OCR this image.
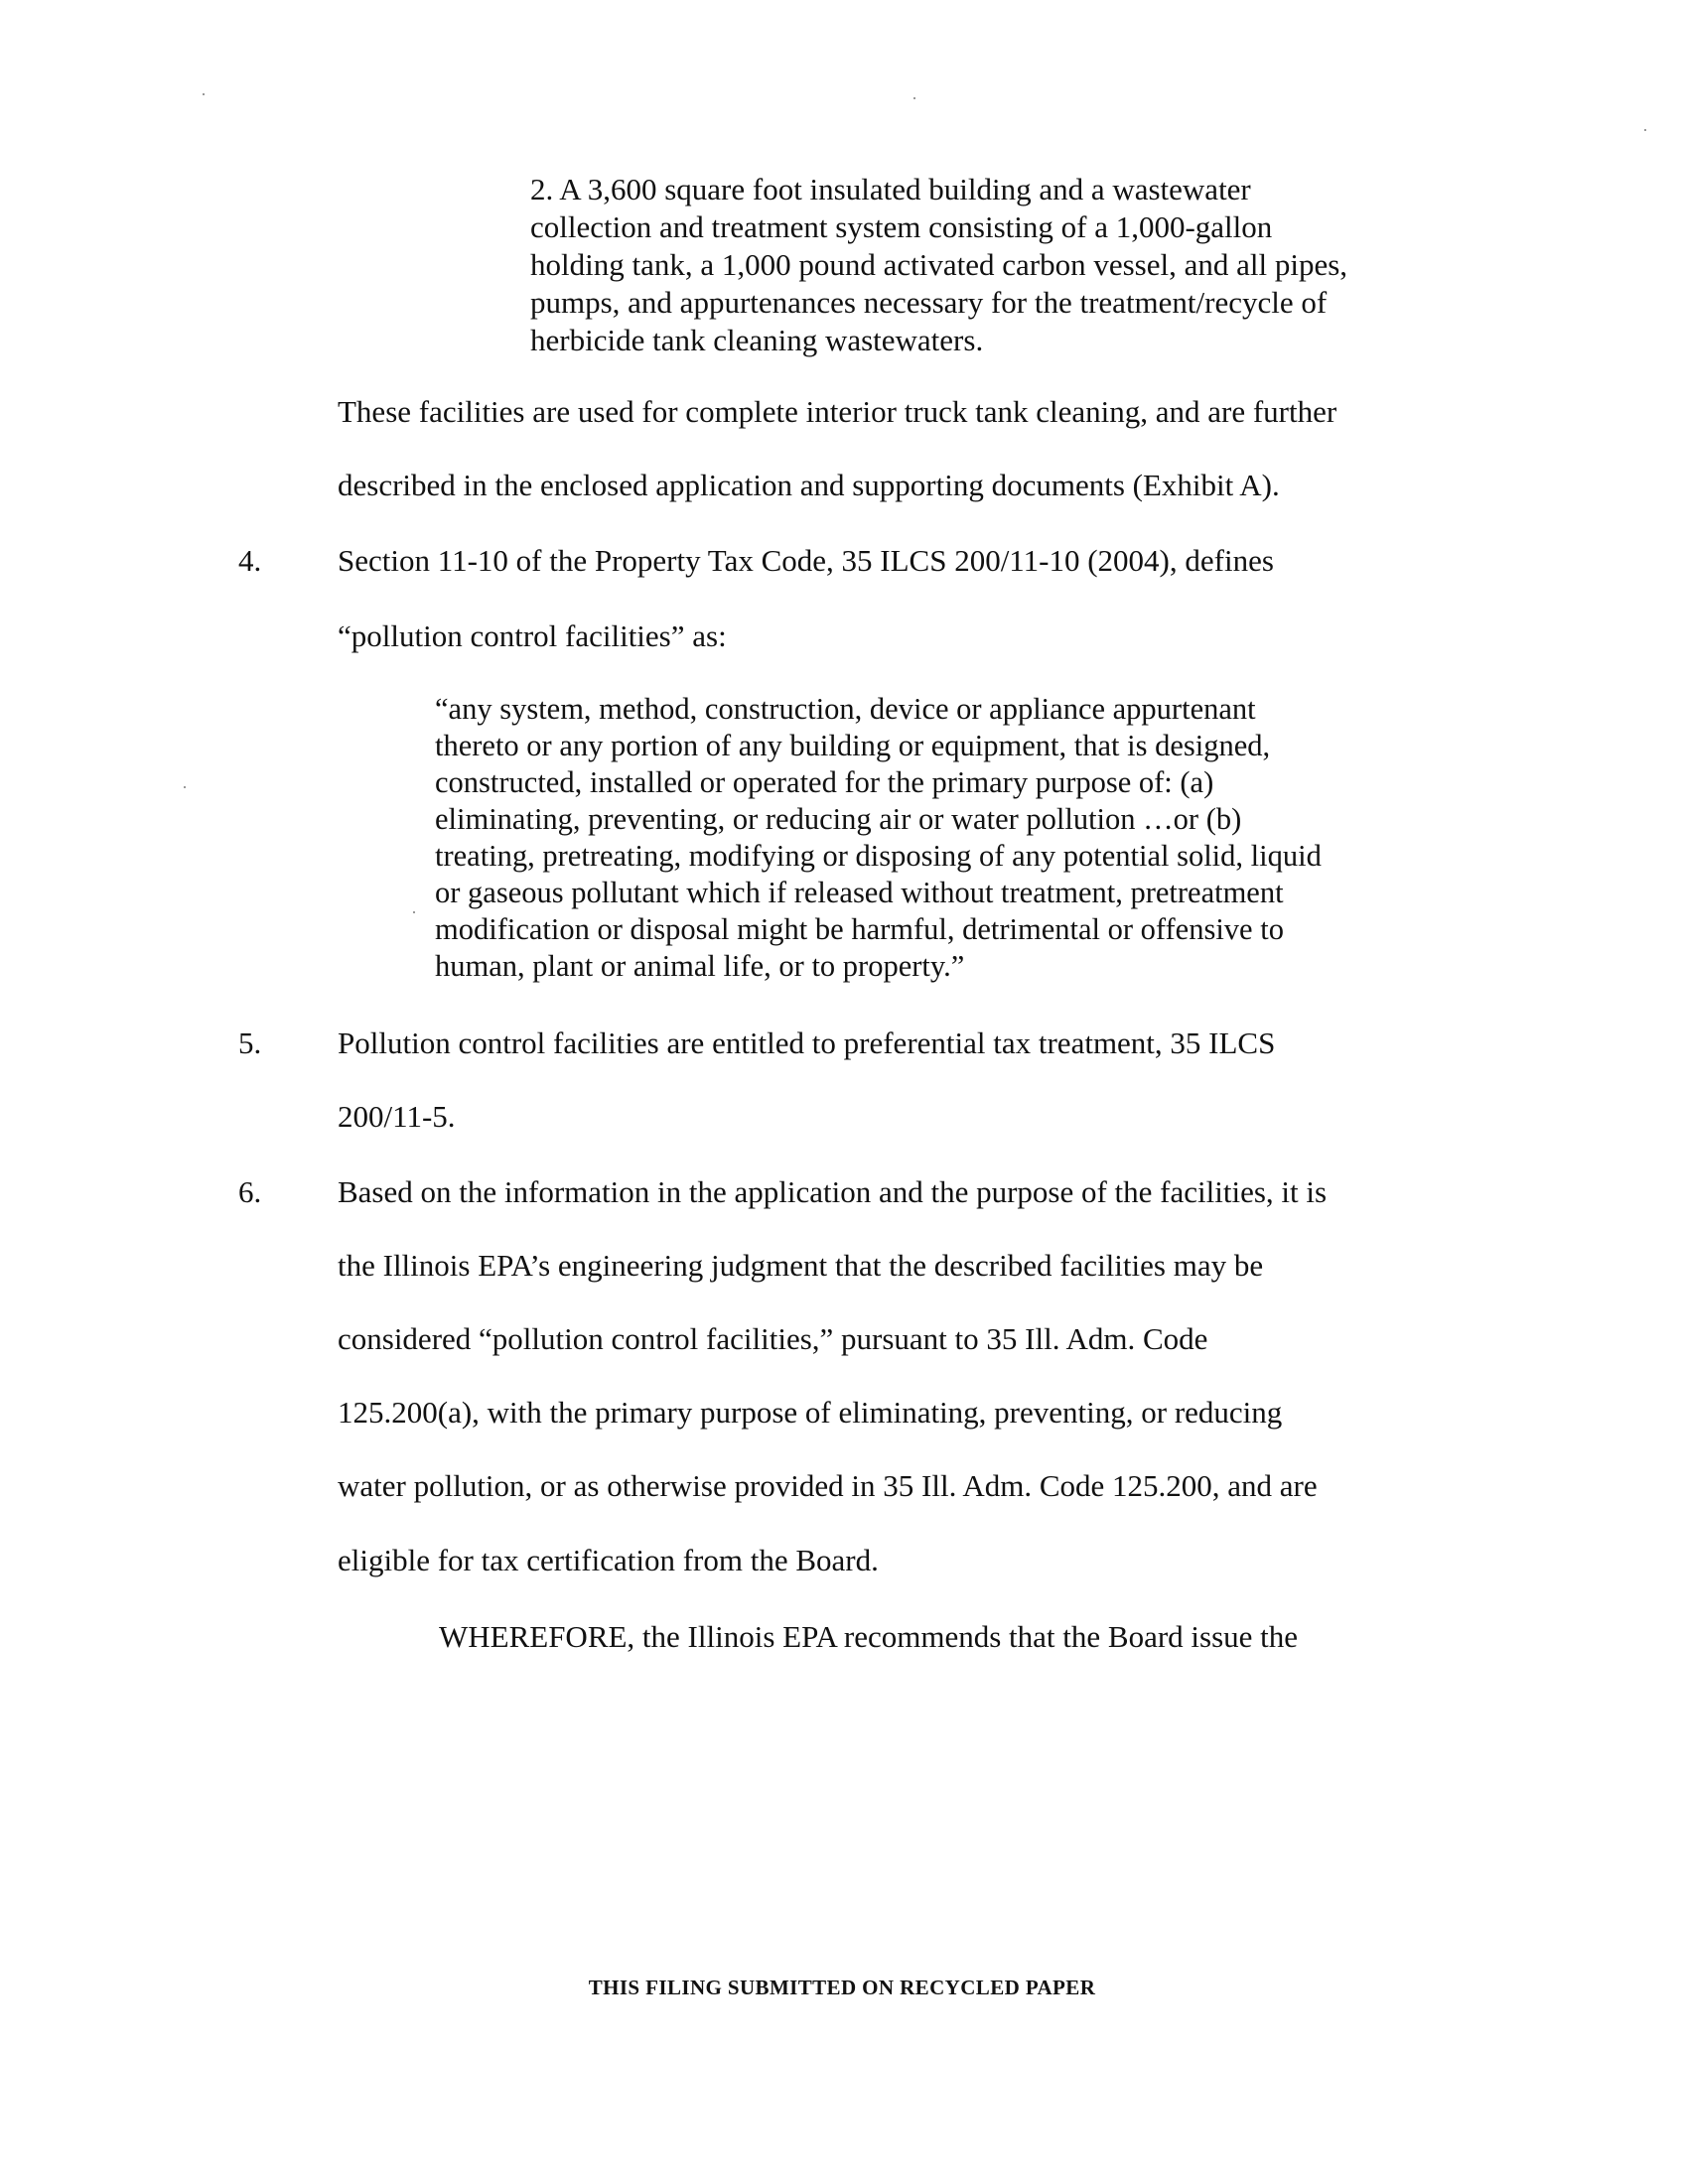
2. A 3,600 square foot insulated building and a wastewater
collection and treatment system consisting of a 1,000-gallon
holding tank, a 1,000 pound activated carbon vessel, and all pipes,
pumps, and appurtenances necessary for the treatment/recycle of
herbicide tank cleaning wastewaters.
These facilities are used for complete interior truck tank cleaning, and are further
described in the enclosed application and supporting documents (Exhibit A).
4. Section 11-10 of the Property Tax Code, 35 ILCS 200/11-10 (2004), defines
“pollution control facilities” as:
“any system, method, construction, device or appliance appurtenant
thereto or any portion of any building or equipment, that is designed,
constructed, installed or operated for the primary purpose of: (a)
eliminating, preventing, or reducing air or water pollution …or (b)
treating, pretreating, modifying or disposing of any potential solid, liquid
or gaseous pollutant which if released without treatment, pretreatment
modification or disposal might be harmful, detrimental or offensive to
human, plant or animal life, or to property.”
5. Pollution control facilities are entitled to preferential tax treatment, 35 ILCS
200/11-5.
6. Based on the information in the application and the purpose of the facilities, it is
the Illinois EPA’s engineering judgment that the described facilities may be
considered “pollution control facilities,” pursuant to 35 Ill. Adm. Code
125.200(a), with the primary purpose of eliminating, preventing, or reducing
water pollution, or as otherwise provided in 35 Ill. Adm. Code 125.200, and are
eligible for tax certification from the Board.
WHEREFORE, the Illinois EPA recommends that the Board issue the
THIS FILING SUBMITTED ON RECYCLED PAPER
